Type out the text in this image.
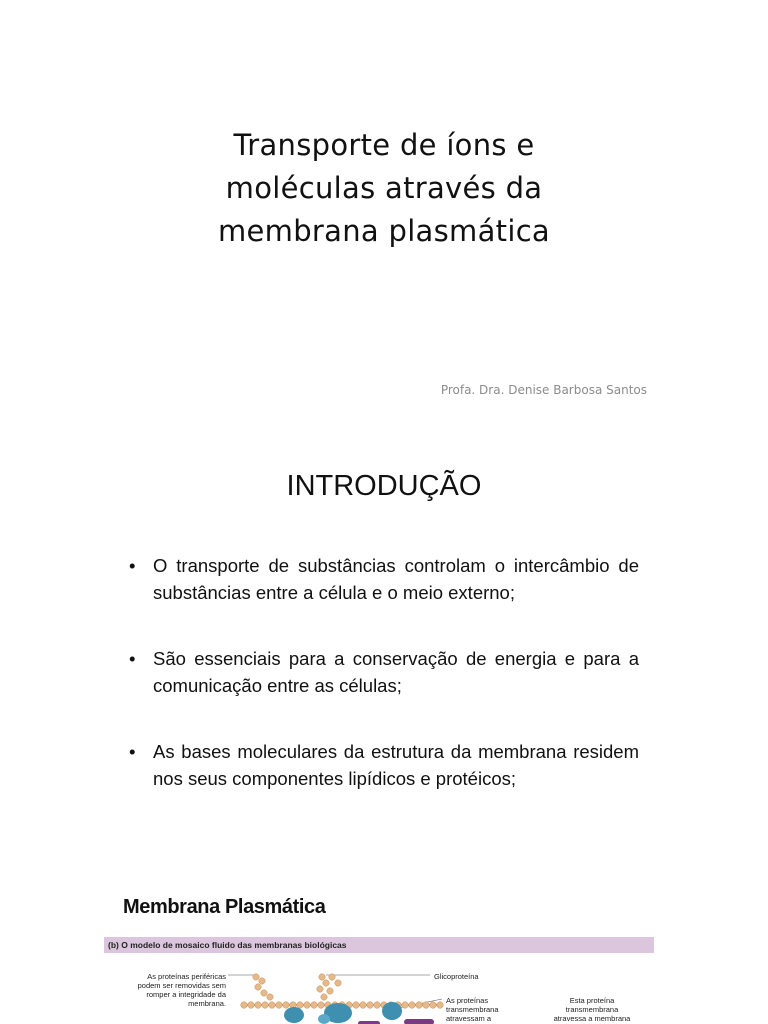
Transporte de íons e
moléculas através da
membrana plasmática
Profa. Dra. Denise Barbosa Santos
INTRODUÇÃO
• O transporte de substâncias controlam o intercâmbio de substâncias entre a célula e o meio externo;
• São essenciais para a conservação de energia e para a comunicação entre as células;
• As bases moleculares da estrutura da membrana residem nos seus componentes lipídicos e protéicos;
Membrana Plasmática
(b) O modelo de mosaico fluido das membranas biológicas
As proteínas periféricas podem ser removidas sem romper a integridade da membrana.
Glicoproteína
As proteínas transmembrana atravessam a
Esta proteína transmembrana atravessa a membrana
